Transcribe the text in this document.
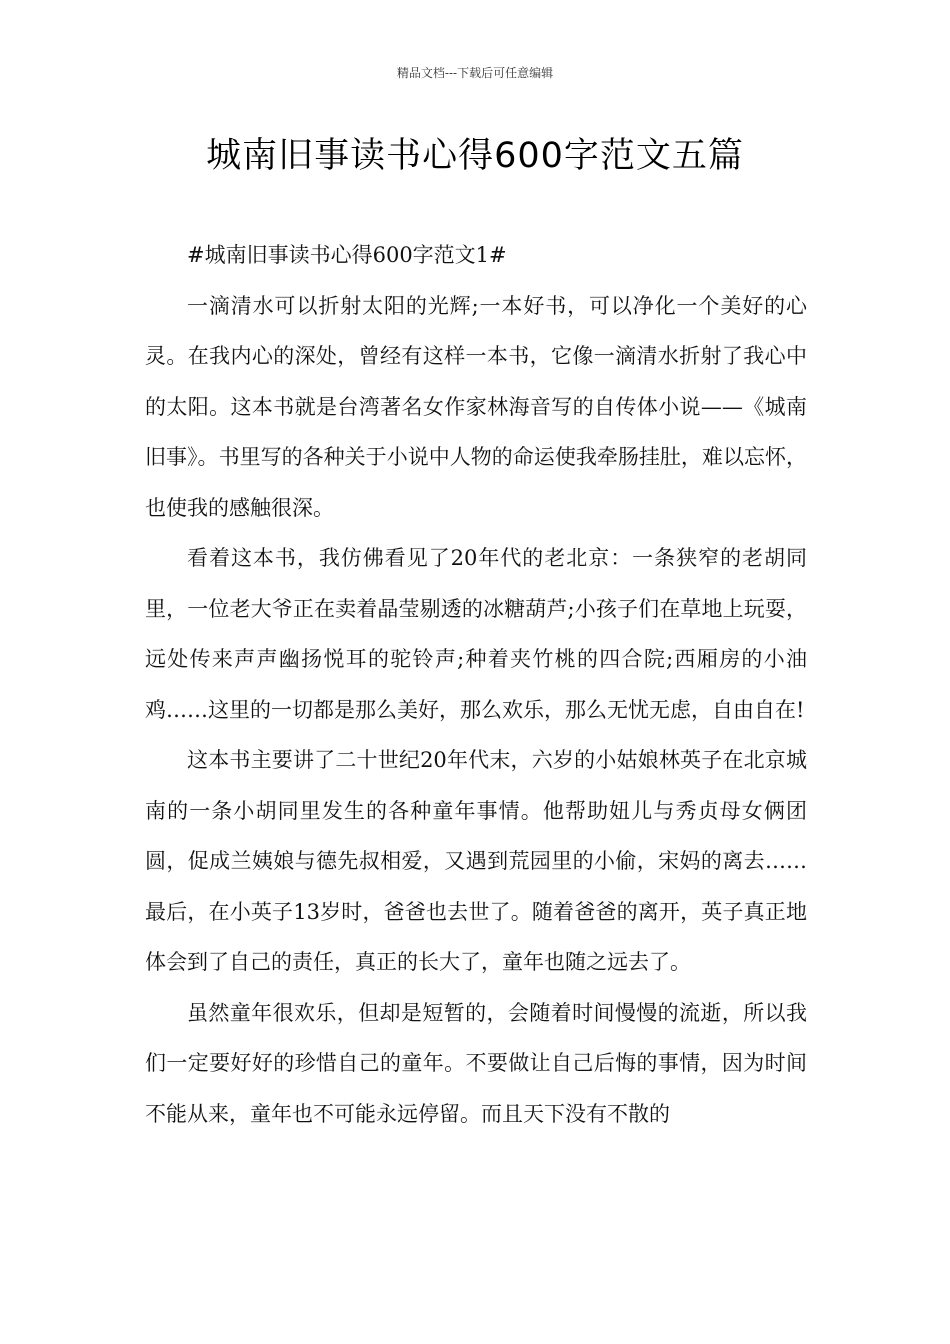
精品文档---下载后可任意编辑
城南旧事读书心得600字范文五篇

#城南旧事读书心得600字范文1#

一滴清水可以折射太阳的光辉;一本好书，可以净化一个美好的心灵。在我内心的深处，曾经有这样一本书，它像一滴清水折射了我心中的太阳。这本书就是台湾著名女作家林海音写的自传体小说——《城南旧事》。书里写的各种关于小说中人物的命运使我牵肠挂肚，难以忘怀，也使我的感触很深。

看着这本书，我仿佛看见了20年代的老北京：一条狭窄的老胡同里，一位老大爷正在卖着晶莹剔透的冰糖葫芦;小孩子们在草地上玩耍，远处传来声声幽扬悦耳的驼铃声;种着夹竹桃的四合院;西厢房的小油鸡……这里的一切都是那么美好，那么欢乐，那么无忧无虑，自由自在!

这本书主要讲了二十世纪20年代末，六岁的小姑娘林英子在北京城南的一条小胡同里发生的各种童年事情。他帮助妞儿与秀贞母女俩团圆，促成兰姨娘与德先叔相爱，又遇到荒园里的小偷，宋妈的离去……最后，在小英子13岁时，爸爸也去世了。随着爸爸的离开，英子真正地体会到了自己的责任，真正的长大了，童年也随之远去了。

虽然童年很欢乐，但却是短暂的，会随着时间慢慢的流逝，所以我们一定要好好的珍惜自己的童年。不要做让自己后悔的事情，因为时间不能从来，童年也不可能永远停留。而且天下没有不散的
